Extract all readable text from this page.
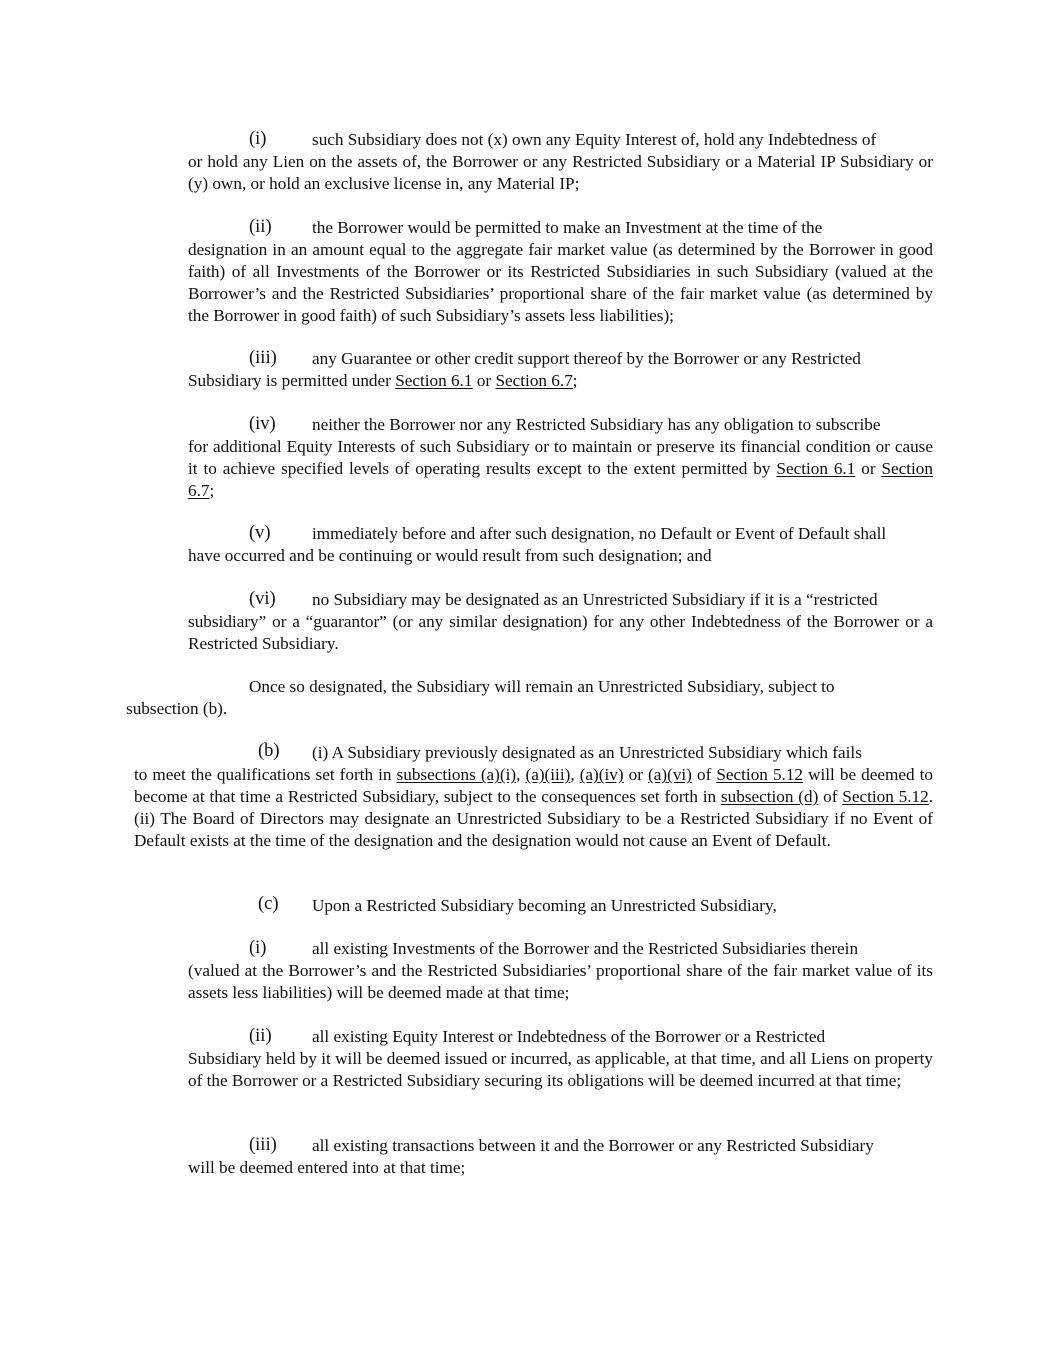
(i)	such Subsidiary does not (x) own any Equity Interest of, hold any Indebtedness of

or hold any Lien on the assets of, the Borrower or any Restricted Subsidiary or a Material IP Subsidiary or (y) own, or hold an exclusive license in, any Material IP;

(ii) the Borrower would be permitted to make an Investment at the time of the

designation in an amount equal to the aggregate fair market value (as determined by the Borrower in good faith) of all Investments of the Borrower or its Restricted Subsidiaries in such Subsidiary (valued at the Borrower’s and the Restricted Subsidiaries’ proportional share of the fair market value (as determined by the Borrower in good faith) of such Subsidiary’s assets less liabilities);

(iii) any Guarantee or other credit support thereof by the Borrower or any Restricted

Subsidiary is permitted under Section 6.1 or Section 6.7;

(iv) neither the Borrower nor any Restricted Subsidiary has any obligation to subscribe

for additional Equity Interests of such Subsidiary or to maintain or preserve its financial condition or cause it to achieve specified levels of operating results except to the extent permitted by Section 6.1 or Section 6.7;

(v) immediately before and after such designation, no Default or Event of Default shall

have occurred and be continuing or would result from such designation; and

(vi) no Subsidiary may be designated as an Unrestricted Subsidiary if it is a “restricted

subsidiary” or a “guarantor” (or any similar designation) for any other Indebtedness of the Borrower or a Restricted Subsidiary.

Once so designated, the Subsidiary will remain an Unrestricted Subsidiary, subject to

subsection (b).

(b) (i) A Subsidiary previously designated as an Unrestricted Subsidiary which fails

to meet the qualifications set forth in subsections (a)(i), (a)(iii), (a)(iv) or (a)(vi) of Section 5.12 will be deemed to become at that time a Restricted Subsidiary, subject to the consequences set forth in subsection (d) of Section 5.12. (ii) The Board of Directors may designate an Unrestricted Subsidiary to be a Restricted Subsidiary if no Event of Default exists at the time of the designation and the designation would not cause an Event of Default.

(c) Upon a Restricted Subsidiary becoming an Unrestricted Subsidiary,
(i)	all existing Investments of the Borrower and the Restricted Subsidiaries therein

(valued at the Borrower’s and the Restricted Subsidiaries’ proportional share of the fair market value of its assets less liabilities) will be deemed made at that time;

(ii) all existing Equity Interest or Indebtedness of the Borrower or a Restricted

Subsidiary held by it will be deemed issued or incurred, as applicable, at that time, and all Liens on property of the Borrower or a Restricted Subsidiary securing its obligations will be deemed incurred at that time;

(iii) all existing transactions between it and the Borrower or any Restricted Subsidiary

will be deemed entered into at that time;
